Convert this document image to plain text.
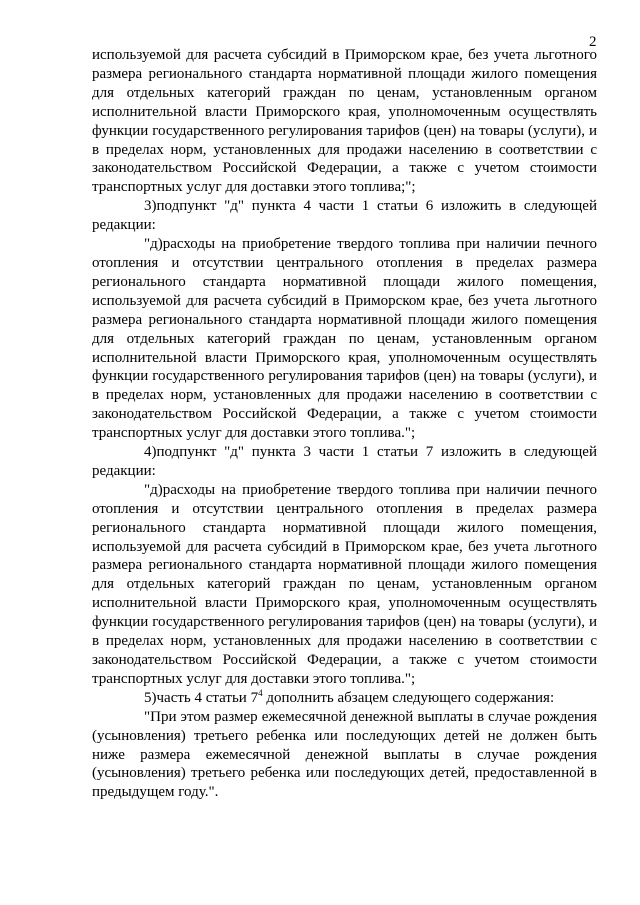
2

используемой для расчета субсидий в Приморском крае, без учета льготного размера регионального стандарта нормативной площади жилого помещения для отдельных категорий граждан по ценам, установленным органом исполнительной власти Приморского края, уполномоченным осуществлять функции государственного регулирования тарифов (цен) на товары (услуги), и в пределах норм, установленных для продажи населению в соответствии с законодательством Российской Федерации, а также с учетом стоимости транспортных услуг для доставки этого топлива;";

3)подпункт "д" пункта 4 части 1 статьи 6 изложить в следующей редакции:

"д)расходы на приобретение твердого топлива при наличии печного отопления и отсутствии центрального отопления в пределах размера регионального стандарта нормативной площади жилого помещения, используемой для расчета субсидий в Приморском крае, без учета льготного размера регионального стандарта нормативной площади жилого помещения для отдельных категорий граждан по ценам, установленным органом исполнительной власти Приморского края, уполномоченным осуществлять функции государственного регулирования тарифов (цен) на товары (услуги), и в пределах норм, установленных для продажи населению в соответствии с законодательством Российской Федерации, а также с учетом стоимости транспортных услуг для доставки этого топлива.";

4)подпункт "д" пункта 3 части 1 статьи 7 изложить в следующей редакции:

"д)расходы на приобретение твердого топлива при наличии печного отопления и отсутствии центрального отопления в пределах размера регионального стандарта нормативной площади жилого помещения, используемой для расчета субсидий в Приморском крае, без учета льготного размера регионального стандарта нормативной площади жилого помещения для отдельных категорий граждан по ценам, установленным органом исполнительной власти Приморского края, уполномоченным осуществлять функции государственного регулирования тарифов (цен) на товары (услуги), и в пределах норм, установленных для продажи населению в соответствии с законодательством Российской Федерации, а также с учетом стоимости транспортных услуг для доставки этого топлива.";

5)часть 4 статьи $7^4$ дополнить абзацем следующего содержания:

"При этом размер ежемесячной денежной выплаты в случае рождения (усыновления) третьего ребенка или последующих детей не должен быть ниже размера ежемесячной денежной выплаты в случае рождения (усыновления) третьего ребенка или последующих детей, предоставленной в предыдущем году.".
